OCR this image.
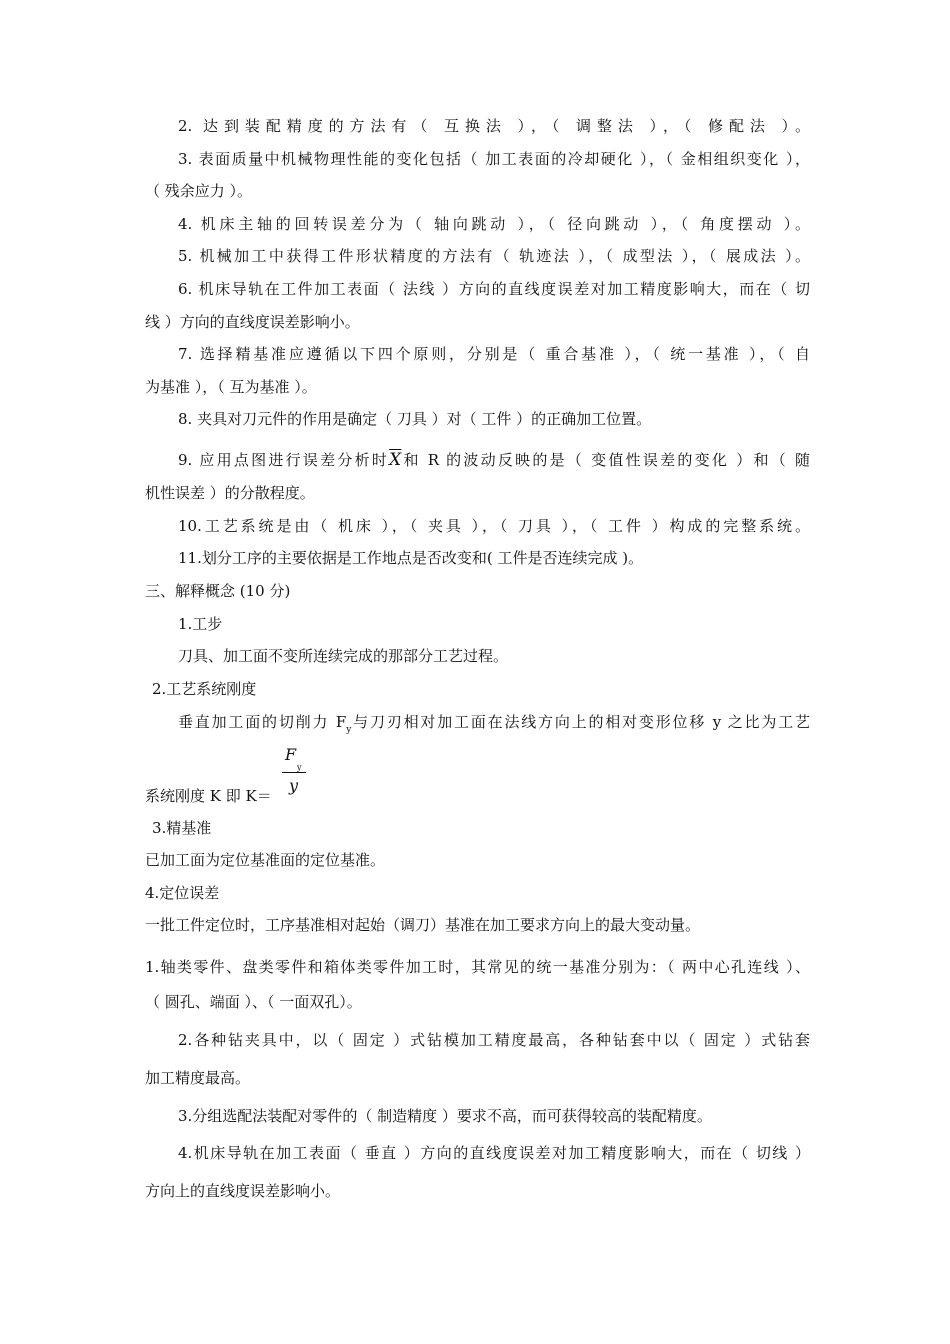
2. 达到装配精度的方法有（ 互换法 ），（ 调整法 ），（ 修配法 ）。
3. 表面质量中机械物理性能的变化包括（ 加工表面的冷却硬化 ），（ 金相组织变化 ），
（ 残余应力 ）。
4. 机床主轴的回转误差分为（ 轴向跳动 ），（ 径向跳动 ），（ 角度摆动 ）。
5. 机械加工中获得工件形状精度的方法有（ 轨迹法 ），（ 成型法 ），（ 展成法 ）。
6. 机床导轨在工件加工表面（ 法线 ）方向的直线度误差对加工精度影响大，而在（ 切
线 ）方向的直线度误差影响小。
7. 选择精基准应遵循以下四个原则，分别是（ 重合基准 ），（ 统一基准 ），（ 自
为基准 ），（ 互为基准 ）。
8. 夹具对刀元件的作用是确定（ 刀具 ）对（ 工件 ）的正确加工位置。
9. 应用点图进行误差分析时$\overline{X}$和 R 的波动反映的是（ 变值性误差的变化 ）和（ 随
机性误差 ）的分散程度。
10.工艺系统是由（ 机床 ），（ 夹具 ），（ 刀具 ），（ 工件 ）构成的完整系统。
11.划分工序的主要依据是工作地点是否改变和( 工件是否连续完成 )。
三、解释概念 (10 分)
1.工步
刀具、加工面不变所连续完成的那部分工艺过程。
2.工艺系统刚度
垂直加工面的切削力 $F_y$与刀刃相对加工面在法线方向上的相对变形位移 y 之比为工艺
系统刚度 K 即 K＝
F
y
y
3.精基准
已加工面为定位基准面的定位基准。
4.定位误差
一批工件定位时，工序基准相对起始（调刀）基准在加工要求方向上的最大变动量。
1.轴类零件、盘类零件和箱体类零件加工时，其常见的统一基准分别为：（ 两中心孔连线 ）、
（ 圆孔、端面 ）、（ 一面双孔）。
2.各种钻夹具中，以（ 固定 ）式钻模加工精度最高，各种钻套中以（ 固定 ）式钻套
加工精度最高。
3.分组选配法装配对零件的（ 制造精度 ）要求不高，而可获得较高的装配精度。
4.机床导轨在加工表面（ 垂直 ）方向的直线度误差对加工精度影响大，而在（ 切线 ）
方向上的直线度误差影响小。
